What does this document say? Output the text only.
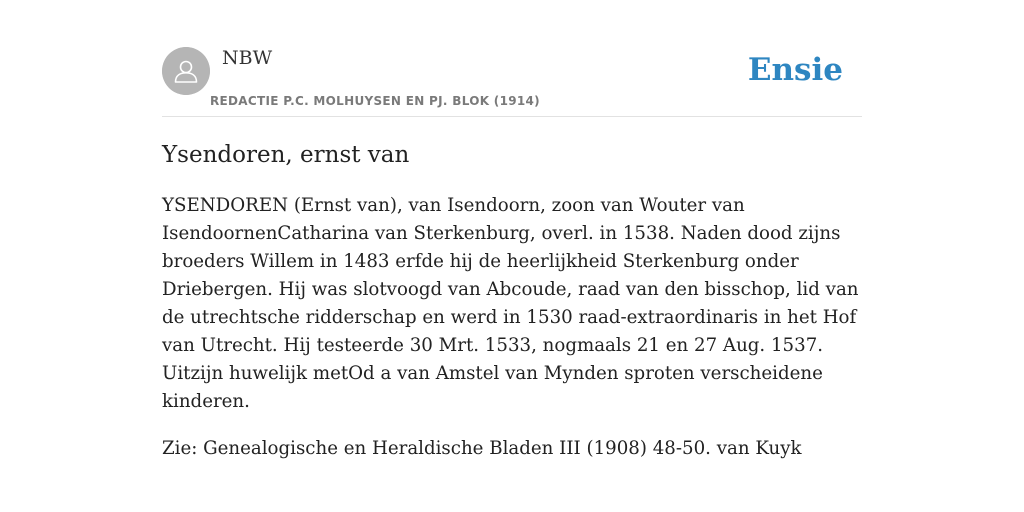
NBW
REDACTIE P.C. MOLHUYSEN EN PJ. BLOK (1914)
Ensie
Ysendoren, ernst van

YSENDOREN (Ernst van), van Isendoorn, zoon van Wouter van IsendoornenCatharina van Sterkenburg, overl. in 1538. Naden dood zijns broeders Willem in 1483 erfde hij de heerlijkheid Sterkenburg onder Driebergen. Hij was slotvoogd van Abcoude, raad van den bisschop, lid van de utrechtsche ridderschap en werd in 1530 raad-extraordinaris in het Hof van Utrecht. Hij testeerde 30 Mrt. 1533, nogmaals 21 en 27 Aug. 1537. Uitzijn huwelijk metOd a van Amstel van Mynden sproten verscheidene kinderen.

Zie: Genealogische en Heraldische Bladen III (1908) 48-50. van Kuyk
